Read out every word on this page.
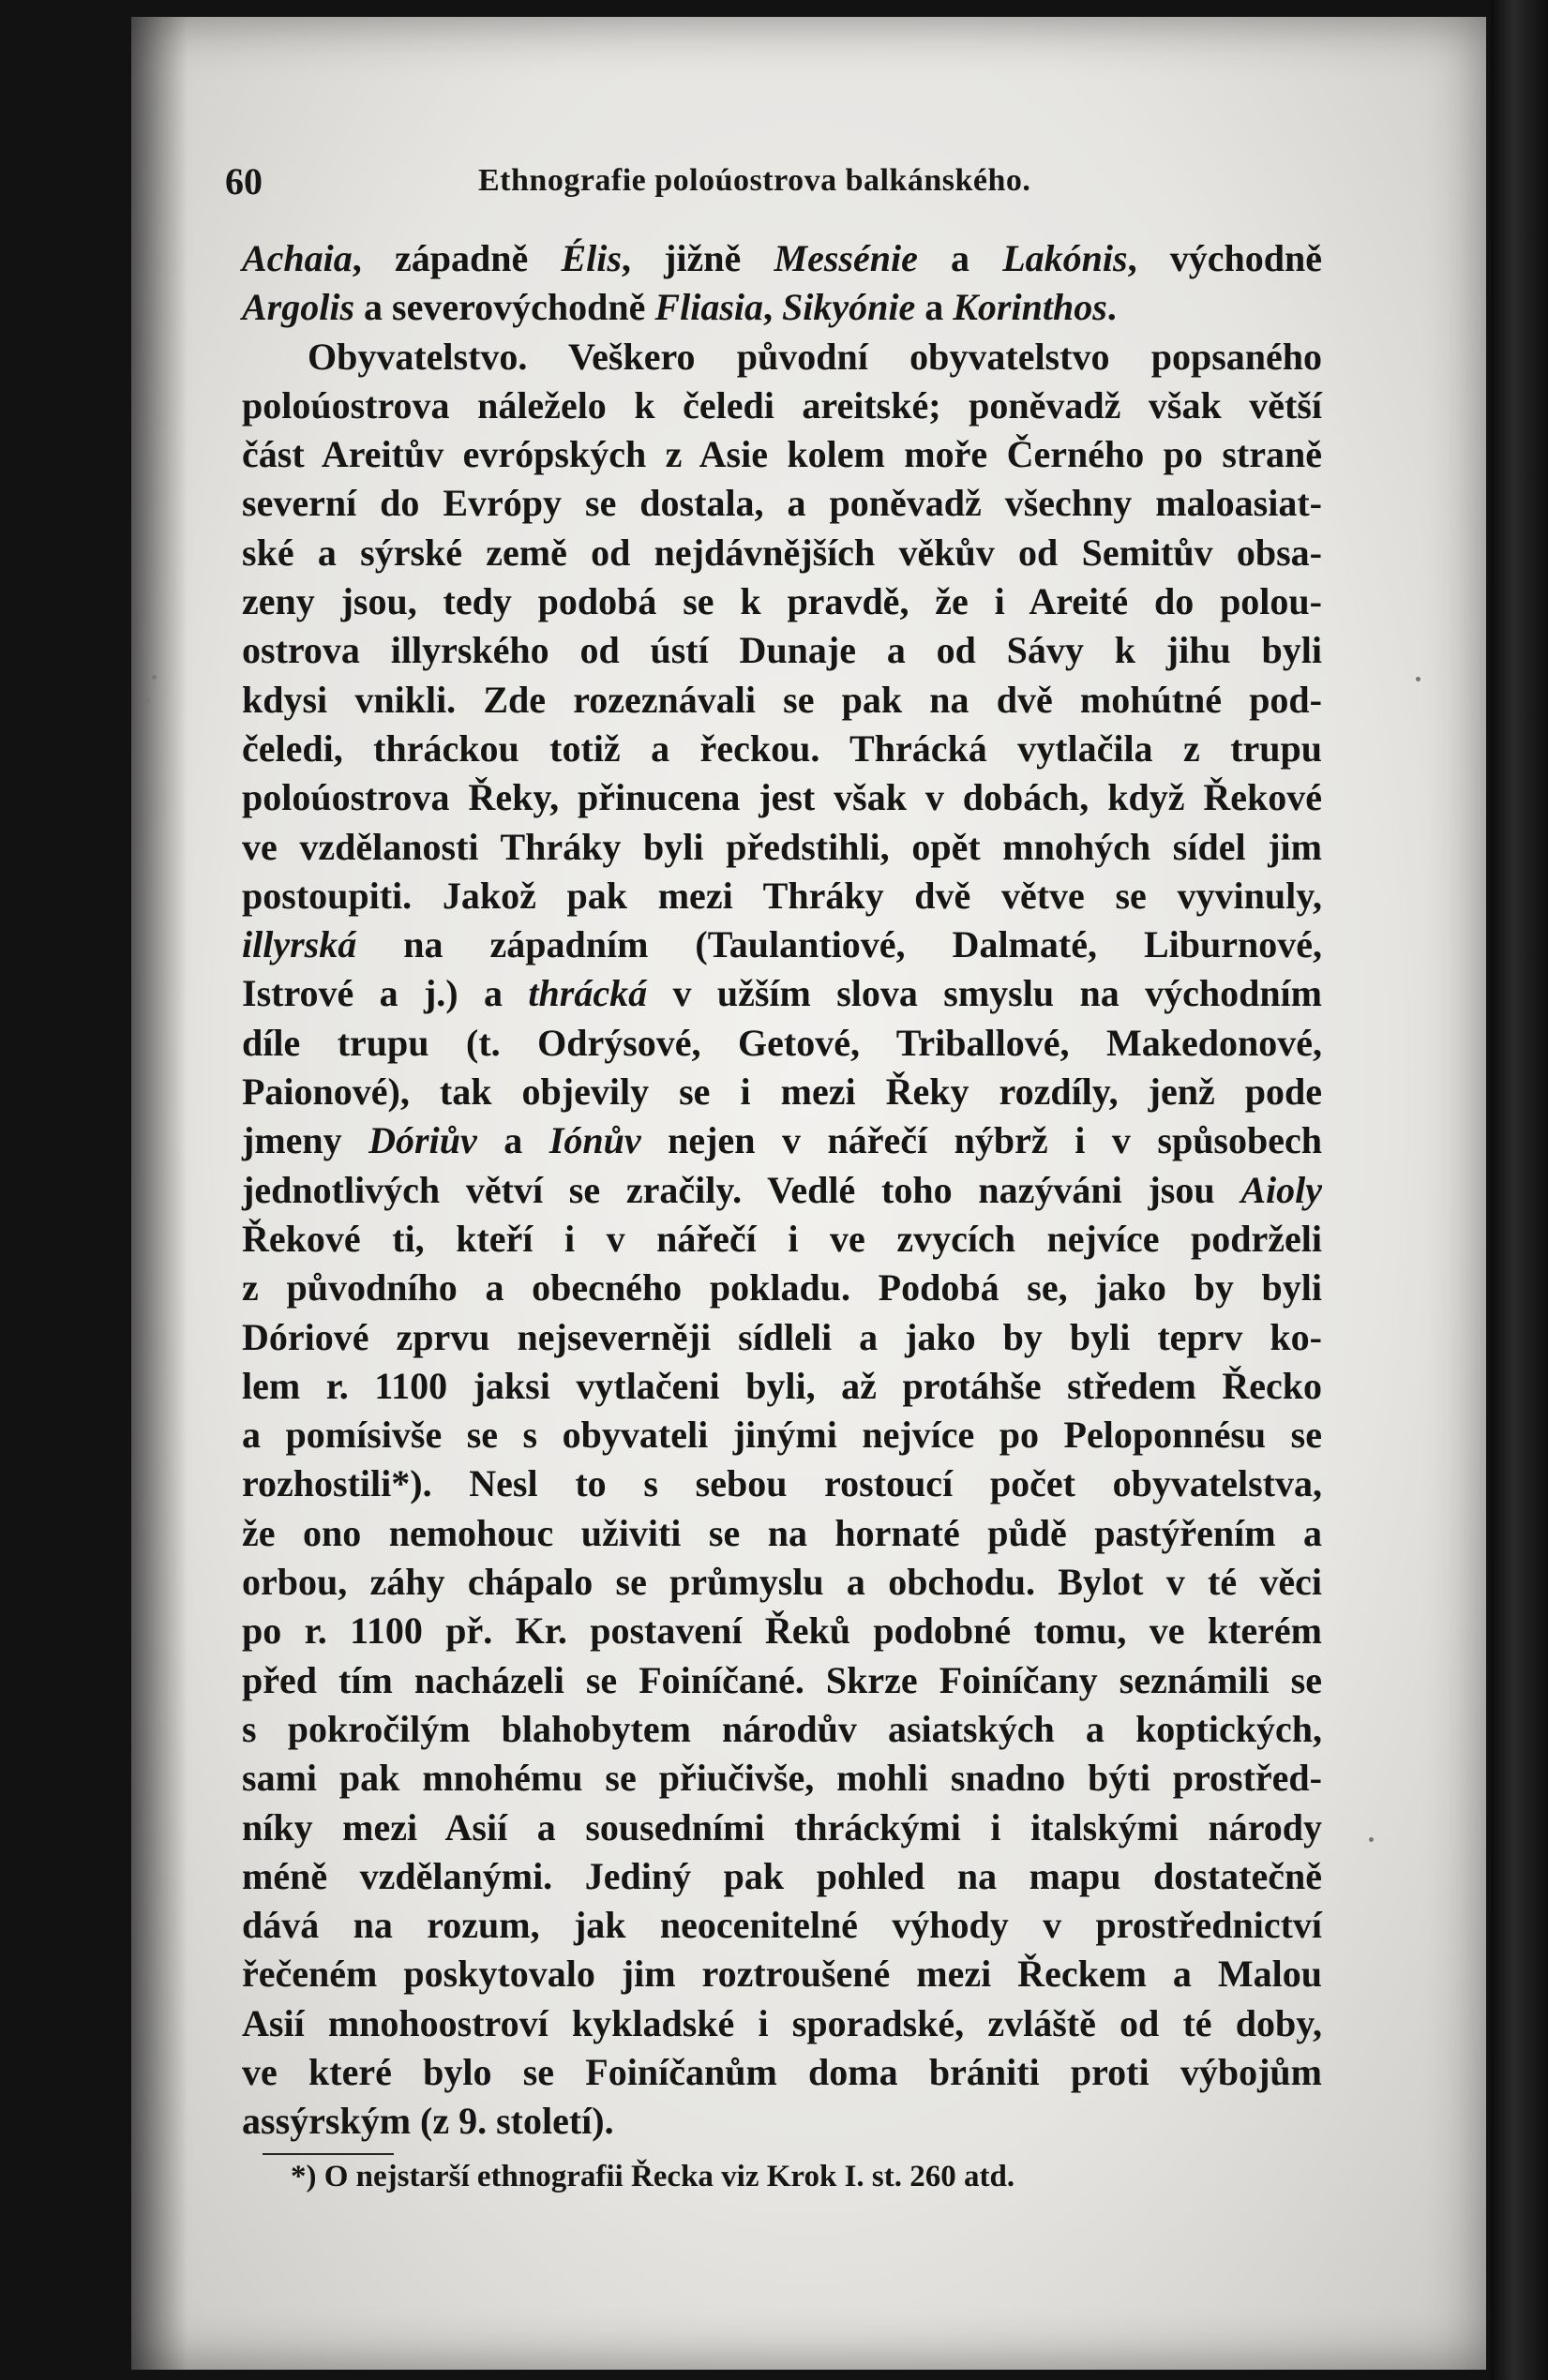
60	Ethnografie poloúostrova balkánského.
Achaia, západně Élis, jižně Messénie a Lakónis, východně
Argolis a severovýchodně Fliasia, Sikyónie a Korinthos.
Obyvatelstvo. Veškero původní obyvatelstvo popsaného
poloúostrova náleželo k čeledi areitské; poněvadž však větší
část Areitův evrópských z Asie kolem moře Černého po straně
severní do Evrópy se dostala, a poněvadž všechny maloasiat-
ské a sýrské země od nejdávnějších věkův od Semitův obsa-
zeny jsou, tedy podobá se k pravdě, že i Areité do polou-
ostrova illyrského od ústí Dunaje a od Sávy k jihu byli
kdysi vnikli. Zde rozeznávali se pak na dvě mohútné pod-
čeledi, thráckou totiž a řeckou. Thrácká vytlačila z trupu
poloúostrova Řeky, přinucena jest však v dobách, když Řekové
ve vzdělanosti Thráky byli předstihli, opět mnohých sídel jim
postoupiti. Jakož pak mezi Thráky dvě větve se vyvinuly,
illyrská na západním (Taulantiové, Dalmaté, Liburnové,
Istrové a j.) a thrácká v užším slova smyslu na východním
díle trupu (t. Odrýsové, Getové, Triballové, Makedonové,
Paionové), tak objevily se i mezi Řeky rozdíly, jenž pode
jmeny Dóriův a Iónův nejen v nářečí nýbrž i v spůsobech
jednotlivých větví se zračily. Vedlé toho nazýváni jsou Aioly
Řekové ti, kteří i v nářečí i ve zvycích nejvíce podrželi
z původního a obecného pokladu. Podobá se, jako by byli
Dóriové zprvu nejseverněji sídleli a jako by byli teprv ko-
lem r. 1100 jaksi vytlačeni byli, až protáhše středem Řecko
a pomísivše se s obyvateli jinými nejvíce po Peloponnésu se
rozhostili*). Nesl to s sebou rostoucí počet obyvatelstva,
že ono nemohouc uživiti se na hornaté půdě pastýřením a
orbou, záhy chápalo se průmyslu a obchodu. Bylot v té věci
po r. 1100 př. Kr. postavení Řeků podobné tomu, ve kterém
před tím nacházeli se Foiníčané. Skrze Foiníčany seznámili se
s pokročilým blahobytem národův asiatských a koptických,
sami pak mnohému se přiučivše, mohli snadno býti prostřed-
níky mezi Asií a sousedními thráckými i italskými národy
méně vzdělanými. Jediný pak pohled na mapu dostatečně
dává na rozum, jak neocenitelné výhody v prostřednictví
řečeném poskytovalo jim roztroušené mezi Řeckem a Malou
Asií mnohoostroví kykladské i sporadské, zvláště od té doby,
ve které bylo se Foiníčanům doma brániti proti výbojům
assýrským (z 9. století).
*) O nejstarší ethnografii Řecka viz Krok I. st. 260 atd.
